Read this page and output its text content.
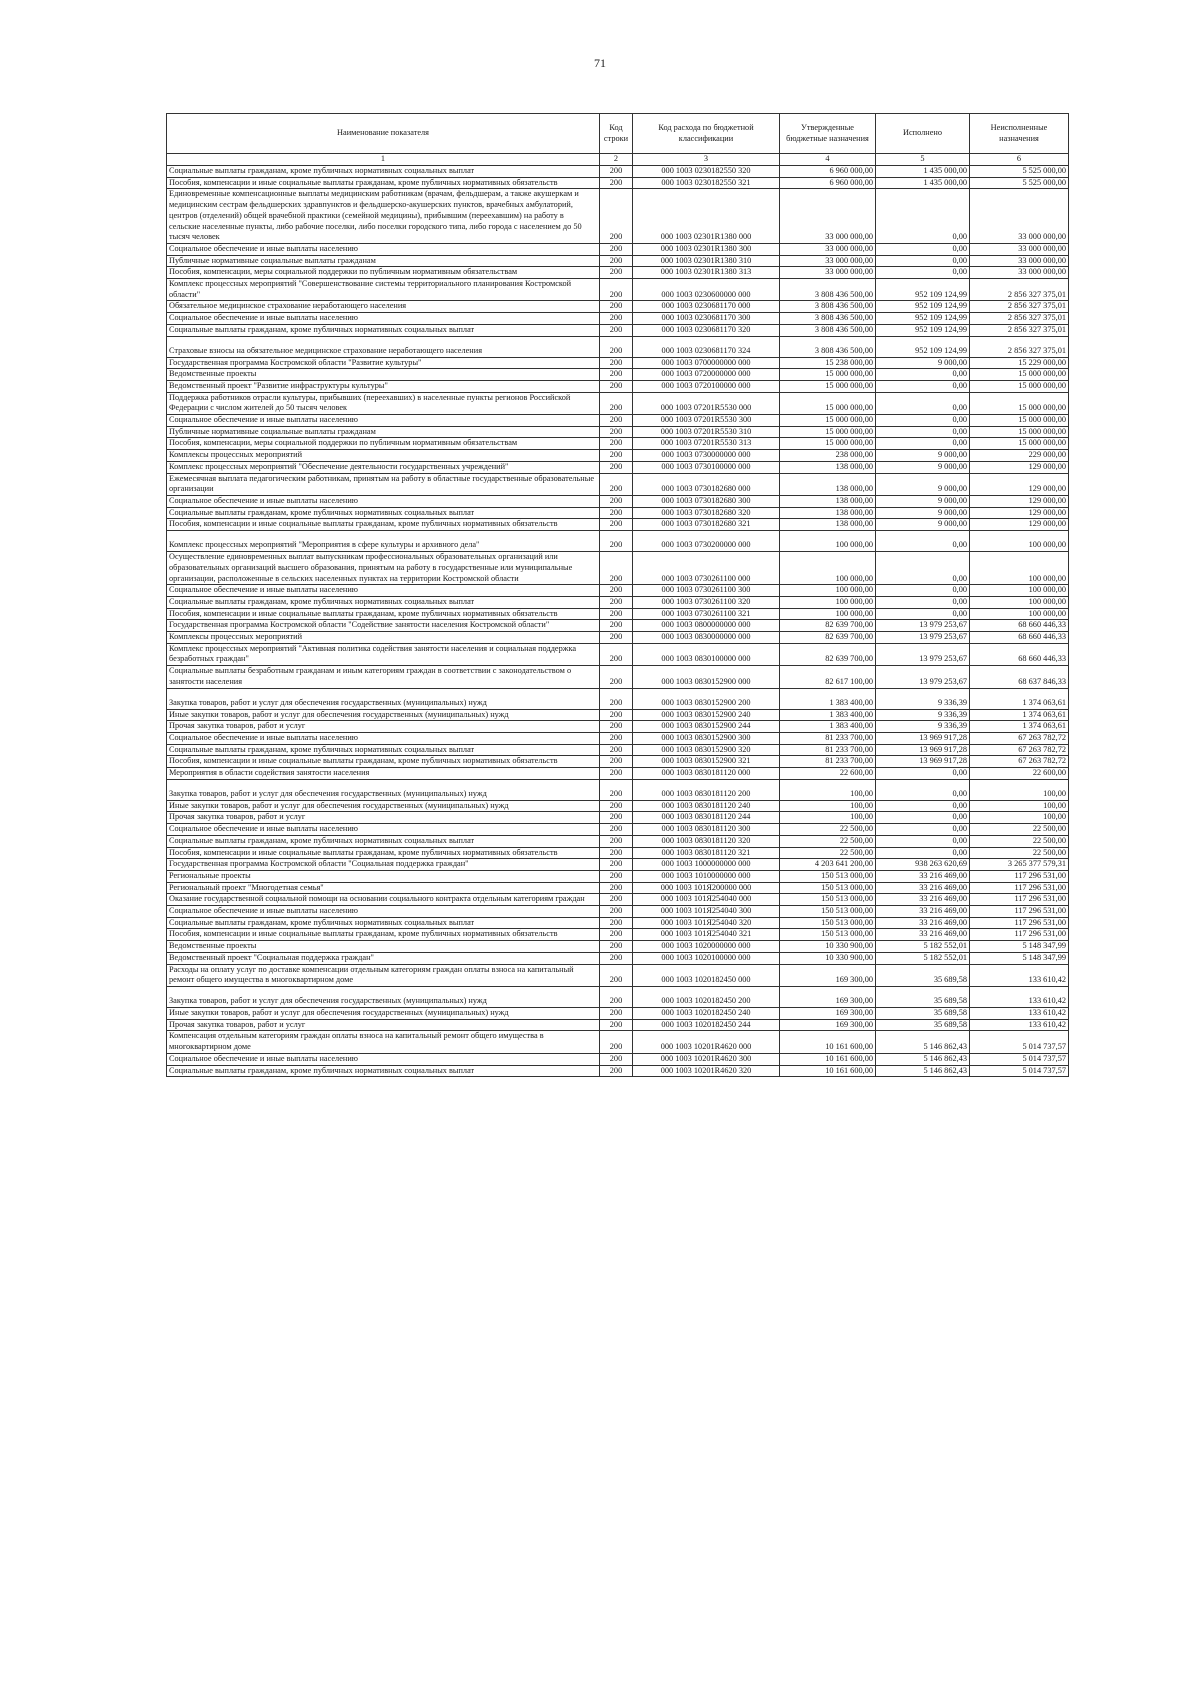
71
Наименование показателя	Код строки	Код расхода по бюджетной классификации	Утвержденные бюджетные назначения	Исполнено	Неисполненные назначения
1	2	3	4	5	6
Социальные выплаты гражданам, кроме публичных нормативных социальных выплат	200	000 1003 0230182550 320	6 960 000,00	1 435 000,00	5 525 000,00
Пособия, компенсации и иные социальные выплаты гражданам, кроме публичных нормативных обязательств	200	000 1003 0230182550 321	6 960 000,00	1 435 000,00	5 525 000,00
Единовременные компенсационные выплаты медицинским работникам (врачам, фельдшерам, а также акушеркам и медицинским сестрам фельдшерских здравпунктов и фельдшерско-акушерских пунктов, врачебных амбулаторий, центров (отделений) общей врачебной практики (семейной медицины), прибывшим (переехавшим) на работу в сельские населенные пункты, либо рабочие поселки, либо поселки городского типа, либо города с населением до 50 тысяч человек	200	000 1003 02301R1380 000	33 000 000,00	0,00	33 000 000,00
Социальное обеспечение и иные выплаты населению	200	000 1003 02301R1380 300	33 000 000,00	0,00	33 000 000,00
Публичные нормативные социальные выплаты гражданам	200	000 1003 02301R1380 310	33 000 000,00	0,00	33 000 000,00
Пособия, компенсации, меры социальной поддержки по публичным нормативным обязательствам	200	000 1003 02301R1380 313	33 000 000,00	0,00	33 000 000,00
Комплекс процессных мероприятий "Совершенствование системы территориального планирования Костромской области"	200	000 1003 0230600000 000	3 808 436 500,00	952 109 124,99	2 856 327 375,01
Обязательное медицинское страхование неработающего населения	200	000 1003 0230681170 000	3 808 436 500,00	952 109 124,99	2 856 327 375,01
Социальное обеспечение и иные выплаты населению	200	000 1003 0230681170 300	3 808 436 500,00	952 109 124,99	2 856 327 375,01
Социальные выплаты гражданам, кроме публичных нормативных социальных выплат	200	000 1003 0230681170 320	3 808 436 500,00	952 109 124,99	2 856 327 375,01
Страховые взносы на обязательное медицинское страхование неработающего населения	200	000 1003 0230681170 324	3 808 436 500,00	952 109 124,99	2 856 327 375,01
Государственная программа Костромской области "Развитие культуры"	200	000 1003 0700000000 000	15 238 000,00	9 000,00	15 229 000,00
Ведомственные проекты	200	000 1003 0720000000 000	15 000 000,00	0,00	15 000 000,00
Ведомственный проект "Развитие инфраструктуры культуры"	200	000 1003 0720100000 000	15 000 000,00	0,00	15 000 000,00
Поддержка работников отрасли культуры, прибывших (переехавших) в населенные пункты регионов Российской Федерации с числом жителей до 50 тысяч человек	200	000 1003 07201R5530 000	15 000 000,00	0,00	15 000 000,00
Социальное обеспечение и иные выплаты населению	200	000 1003 07201R5530 300	15 000 000,00	0,00	15 000 000,00
Публичные нормативные социальные выплаты гражданам	200	000 1003 07201R5530 310	15 000 000,00	0,00	15 000 000,00
Пособия, компенсации, меры социальной поддержки по публичным нормативным обязательствам	200	000 1003 07201R5530 313	15 000 000,00	0,00	15 000 000,00
Комплексы процессных мероприятий	200	000 1003 0730000000 000	238 000,00	9 000,00	229 000,00
Комплекс процессных мероприятий "Обеспечение деятельности государственных учреждений"	200	000 1003 0730100000 000	138 000,00	9 000,00	129 000,00
Ежемесячная выплата педагогическим работникам, принятым на работу в областные государственные образовательные организации	200	000 1003 0730182680 000	138 000,00	9 000,00	129 000,00
Социальное обеспечение и иные выплаты населению	200	000 1003 0730182680 300	138 000,00	9 000,00	129 000,00
Социальные выплаты гражданам, кроме публичных нормативных социальных выплат	200	000 1003 0730182680 320	138 000,00	9 000,00	129 000,00
Пособия, компенсации и иные социальные выплаты гражданам, кроме публичных нормативных обязательств	200	000 1003 0730182680 321	138 000,00	9 000,00	129 000,00
Комплекс процессных мероприятий "Мероприятия в сфере культуры и архивного дела"	200	000 1003 0730200000 000	100 000,00	0,00	100 000,00
Осуществление единовременных выплат выпускникам профессиональных образовательных организаций или образовательных организаций высшего образования, принятым на работу в государственные или муниципальные организации, расположенные в сельских населенных пунктах на территории Костромской области	200	000 1003 0730261100 000	100 000,00	0,00	100 000,00
Социальное обеспечение и иные выплаты населению	200	000 1003 0730261100 300	100 000,00	0,00	100 000,00
Социальные выплаты гражданам, кроме публичных нормативных социальных выплат	200	000 1003 0730261100 320	100 000,00	0,00	100 000,00
Пособия, компенсации и иные социальные выплаты гражданам, кроме публичных нормативных обязательств	200	000 1003 0730261100 321	100 000,00	0,00	100 000,00
Государственная программа Костромской области "Содействие занятости населения Костромской области"	200	000 1003 0800000000 000	82 639 700,00	13 979 253,67	68 660 446,33
Комплексы процессных мероприятий	200	000 1003 0830000000 000	82 639 700,00	13 979 253,67	68 660 446,33
Комплекс процессных мероприятий "Активная политика содействия занятости населения и социальная поддержка безработных граждан"	200	000 1003 0830100000 000	82 639 700,00	13 979 253,67	68 660 446,33
Социальные выплаты безработным гражданам и иным категориям граждан в соответствии с законодательством о занятости населения	200	000 1003 0830152900 000	82 617 100,00	13 979 253,67	68 637 846,33
Закупка товаров, работ и услуг для обеспечения государственных (муниципальных) нужд	200	000 1003 0830152900 200	1 383 400,00	9 336,39	1 374 063,61
Иные закупки товаров, работ и услуг для обеспечения государственных (муниципальных) нужд	200	000 1003 0830152900 240	1 383 400,00	9 336,39	1 374 063,61
Прочая закупка товаров, работ и услуг	200	000 1003 0830152900 244	1 383 400,00	9 336,39	1 374 063,61
Социальное обеспечение и иные выплаты населению	200	000 1003 0830152900 300	81 233 700,00	13 969 917,28	67 263 782,72
Социальные выплаты гражданам, кроме публичных нормативных социальных выплат	200	000 1003 0830152900 320	81 233 700,00	13 969 917,28	67 263 782,72
Пособия, компенсации и иные социальные выплаты гражданам, кроме публичных нормативных обязательств	200	000 1003 0830152900 321	81 233 700,00	13 969 917,28	67 263 782,72
Мероприятия в области содействия занятости населения	200	000 1003 0830181120 000	22 600,00	0,00	22 600,00
Закупка товаров, работ и услуг для обеспечения государственных (муниципальных) нужд	200	000 1003 0830181120 200	100,00	0,00	100,00
Иные закупки товаров, работ и услуг для обеспечения государственных (муниципальных) нужд	200	000 1003 0830181120 240	100,00	0,00	100,00
Прочая закупка товаров, работ и услуг	200	000 1003 0830181120 244	100,00	0,00	100,00
Социальное обеспечение и иные выплаты населению	200	000 1003 0830181120 300	22 500,00	0,00	22 500,00
Социальные выплаты гражданам, кроме публичных нормативных социальных выплат	200	000 1003 0830181120 320	22 500,00	0,00	22 500,00
Пособия, компенсации и иные социальные выплаты гражданам, кроме публичных нормативных обязательств	200	000 1003 0830181120 321	22 500,00	0,00	22 500,00
Государственная программа Костромской области "Социальная поддержка граждан"	200	000 1003 1000000000 000	4 203 641 200,00	938 263 620,69	3 265 377 579,31
Региональные проекты	200	000 1003 1010000000 000	150 513 000,00	33 216 469,00	117 296 531,00
Региональный проект "Многодетная семья"	200	000 1003 101Я200000 000	150 513 000,00	33 216 469,00	117 296 531,00
Оказание государственной социальной помощи на основании социального контракта отдельным категориям граждан	200	000 1003 101Я254040 000	150 513 000,00	33 216 469,00	117 296 531,00
Социальное обеспечение и иные выплаты населению	200	000 1003 101Я254040 300	150 513 000,00	33 216 469,00	117 296 531,00
Социальные выплаты гражданам, кроме публичных нормативных социальных выплат	200	000 1003 101Я254040 320	150 513 000,00	33 216 469,00	117 296 531,00
Пособия, компенсации и иные социальные выплаты гражданам, кроме публичных нормативных обязательств	200	000 1003 101Я254040 321	150 513 000,00	33 216 469,00	117 296 531,00
Ведомственные проекты	200	000 1003 1020000000 000	10 330 900,00	5 182 552,01	5 148 347,99
Ведомственный проект "Социальная поддержка граждан"	200	000 1003 1020100000 000	10 330 900,00	5 182 552,01	5 148 347,99
Расходы на оплату услуг по доставке компенсации отдельным категориям граждан оплаты взноса на капитальный ремонт общего имущества в многоквартирном доме	200	000 1003 1020182450 000	169 300,00	35 689,58	133 610,42
Закупка товаров, работ и услуг для обеспечения государственных (муниципальных) нужд	200	000 1003 1020182450 200	169 300,00	35 689,58	133 610,42
Иные закупки товаров, работ и услуг для обеспечения государственных (муниципальных) нужд	200	000 1003 1020182450 240	169 300,00	35 689,58	133 610,42
Прочая закупка товаров, работ и услуг	200	000 1003 1020182450 244	169 300,00	35 689,58	133 610,42
Компенсация отдельным категориям граждан оплаты взноса на капитальный ремонт общего имущества в многоквартирном доме	200	000 1003 10201R4620 000	10 161 600,00	5 146 862,43	5 014 737,57
Социальное обеспечение и иные выплаты населению	200	000 1003 10201R4620 300	10 161 600,00	5 146 862,43	5 014 737,57
Социальные выплаты гражданам, кроме публичных нормативных социальных выплат	200	000 1003 10201R4620 320	10 161 600,00	5 146 862,43	5 014 737,57
